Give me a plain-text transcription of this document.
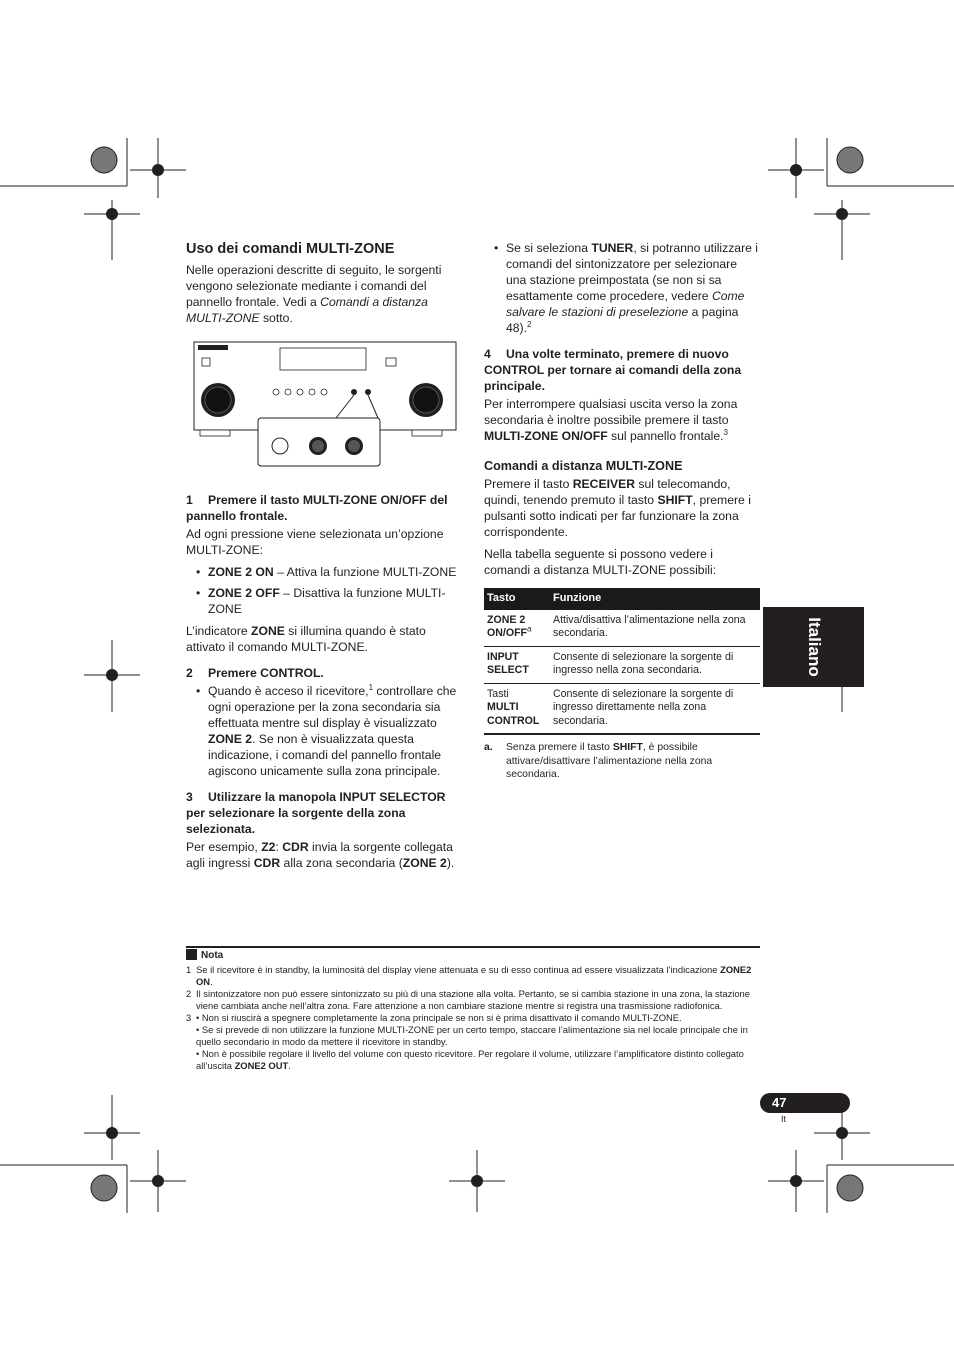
Uso dei comandi MULTI-ZONE

Nelle operazioni descritte di seguito, le sorgenti vengono selezionate mediante i comandi del pannello frontale. Vedi a Comandi a distanza MULTI-ZONE sotto.

1 Premere il tasto MULTI-ZONE ON/OFF del pannello frontale.

Ad ogni pressione viene selezionata un’opzione MULTI-ZONE:

• ZONE 2 ON – Attiva la funzione MULTI-ZONE
• ZONE 2 OFF – Disattiva la funzione MULTI-ZONE

L’indicatore ZONE si illumina quando è stato attivato il comando MULTI-ZONE.

2 Premere CONTROL.
• Quando è acceso il ricevitore,$^1$ controllare che ogni operazione per la zona secondaria sia effettuata mentre sul display è visualizzato ZONE 2. Se non è visualizzata questa indicazione, i comandi del pannello frontale agiscono unicamente sulla zona principale.
3 Utilizzare la manopola INPUT SELECTOR per selezionare la sorgente della zona selezionata.

Per esempio, Z2: CDR invia la sorgente collegata agli ingressi CDR alla zona secondaria (ZONE 2).

• Se si seleziona TUNER, si potranno utilizzare i comandi del sintonizzatore per selezionare una stazione preimpostata (se non si sa esattamente come procedere, vedere Come salvare le stazioni di preselezione a pagina 48).$^2$
4 Una volte terminato, premere di nuovo CONTROL per tornare ai comandi della zona principale.

Per interrompere qualsiasi uscita verso la zona secondaria è inoltre possibile premere il tasto MULTI-ZONE ON/OFF sul pannello frontale.$^3$

Comandi a distanza MULTI-ZONE

Premere il tasto RECEIVER sul telecomando, quindi, tenendo premuto il tasto SHIFT, premere i pulsanti sotto indicati per far funzionare la zona corrispondente.

Nella tabella seguente si possono vedere i comandi a distanza MULTI-ZONE possibili:

Tasto	Funzione
ZONE 2 ON/OFF$^a$	Attiva/disattiva l’alimentazione nella zona secondaria.
INPUT SELECT	Consente di selezionare la sorgente di ingresso nella zona secondaria.
Tasti
MULTI CONTROL	Consente di selezionare la sorgente di ingresso direttamente nella zona secondaria.
a. Senza premere il tasto SHIFT, è possibile attivare/disattivare l’alimentazione nella zona secondaria.
Nota
1 Se il ricevitore è in standby, la luminosità del display viene attenuata e su di esso continua ad essere visualizzata l’indicazione ZONE2 ON.
2 Il sintonizzatore non può essere sintonizzato su più di una stazione alla volta. Pertanto, se si cambia stazione in una zona, la stazione viene cambiata anche nell’altra zona. Fare attenzione a non cambiare stazione mentre si registra una trasmissione radiofonica.
3 • Non si riuscirà a spegnere completamente la zona principale se non si è prima disattivato il comando MULTI-ZONE.
• Se si prevede di non utilizzare la funzione MULTI-ZONE per un certo tempo, staccare l’alimentazione sia nel locale principale che in quello secondario in modo da mettere il ricevitore in standby.
• Non è possibile regolare il livello del volume con questo ricevitore. Per regolare il volume, utilizzare l’amplificatore distinto collegato all’uscita ZONE2 OUT.
Italiano
47
It
